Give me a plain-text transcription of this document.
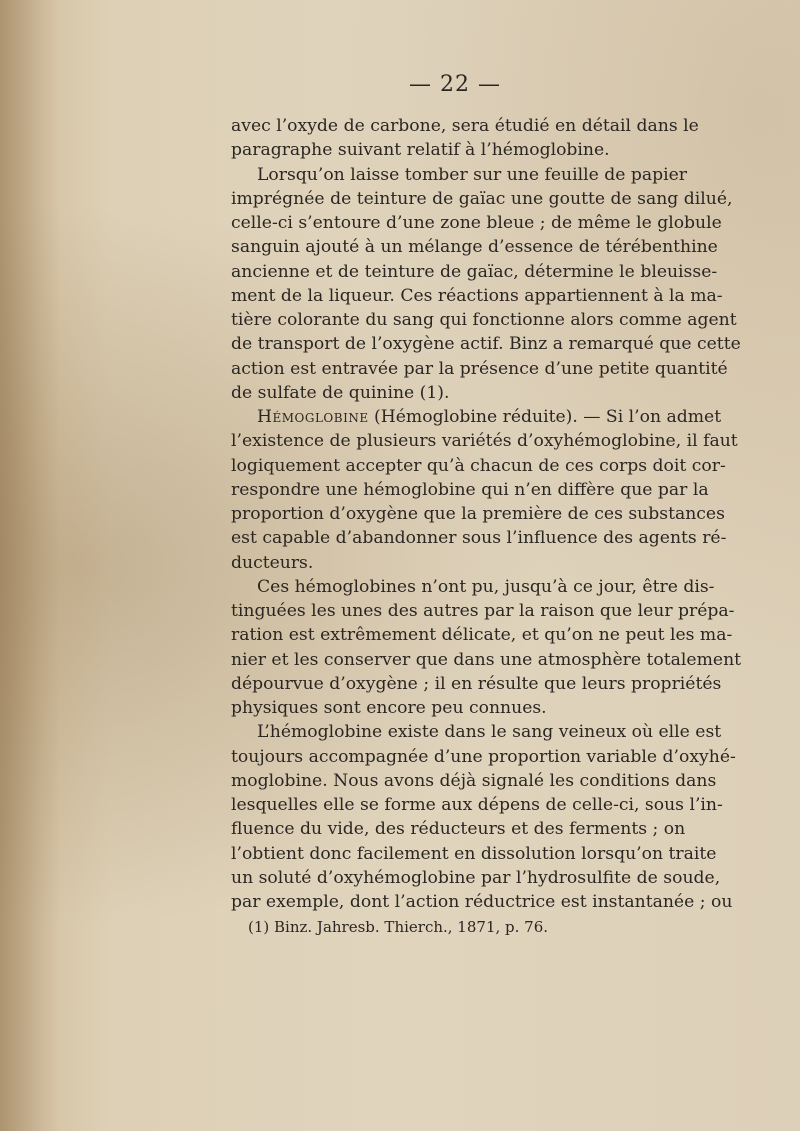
— 22 —
avec l’oxyde de carbone, sera étudié en détail dans le
paragraphe suivant relatif à l’hémoglobine.
Lorsqu’on laisse tomber sur une feuille de papier
imprégnée de teinture de gaïac une goutte de sang dilué,
celle-ci s’entoure d’une zone bleue ; de même le globule
sanguin ajouté à un mélange d’essence de térébenthine
ancienne et de teinture de gaïac, détermine le bleuisse-
ment de la liqueur. Ces réactions appartiennent à la ma-
tière colorante du sang qui fonctionne alors comme agent
de transport de l’oxygène actif. Binz a remarqué que cette
action est entravée par la présence d’une petite quantité
de sulfate de quinine (1).
Hémoglobine (Hémoglobine réduite). — Si l’on admet
l’existence de plusieurs variétés d’oxyhémoglobine, il faut
logiquement accepter qu’à chacun de ces corps doit cor-
respondre une hémoglobine qui n’en diffère que par la
proportion d’oxygène que la première de ces substances
est capable d’abandonner sous l’influence des agents ré-
ducteurs.
Ces hémoglobines n’ont pu, jusqu’à ce jour, être dis-
tinguées les unes des autres par la raison que leur prépa-
ration est extrêmement délicate, et qu’on ne peut les ma-
nier et les conserver que dans une atmosphère totalement
dépourvue d’oxygène ; il en résulte que leurs propriétés
physiques sont encore peu connues.
L’hémoglobine existe dans le sang veineux où elle est
toujours accompagnée d’une proportion variable d’oxyhé-
moglobine. Nous avons déjà signalé les conditions dans
lesquelles elle se forme aux dépens de celle-ci, sous l’in-
fluence du vide, des réducteurs et des ferments ; on
l’obtient donc facilement en dissolution lorsqu’on traite
un soluté d’oxyhémoglobine par l’hydrosulfite de soude,
par exemple, dont l’action réductrice est instantanée ; ou
(1) Binz. Jahresb. Thierch., 1871, p. 76.
